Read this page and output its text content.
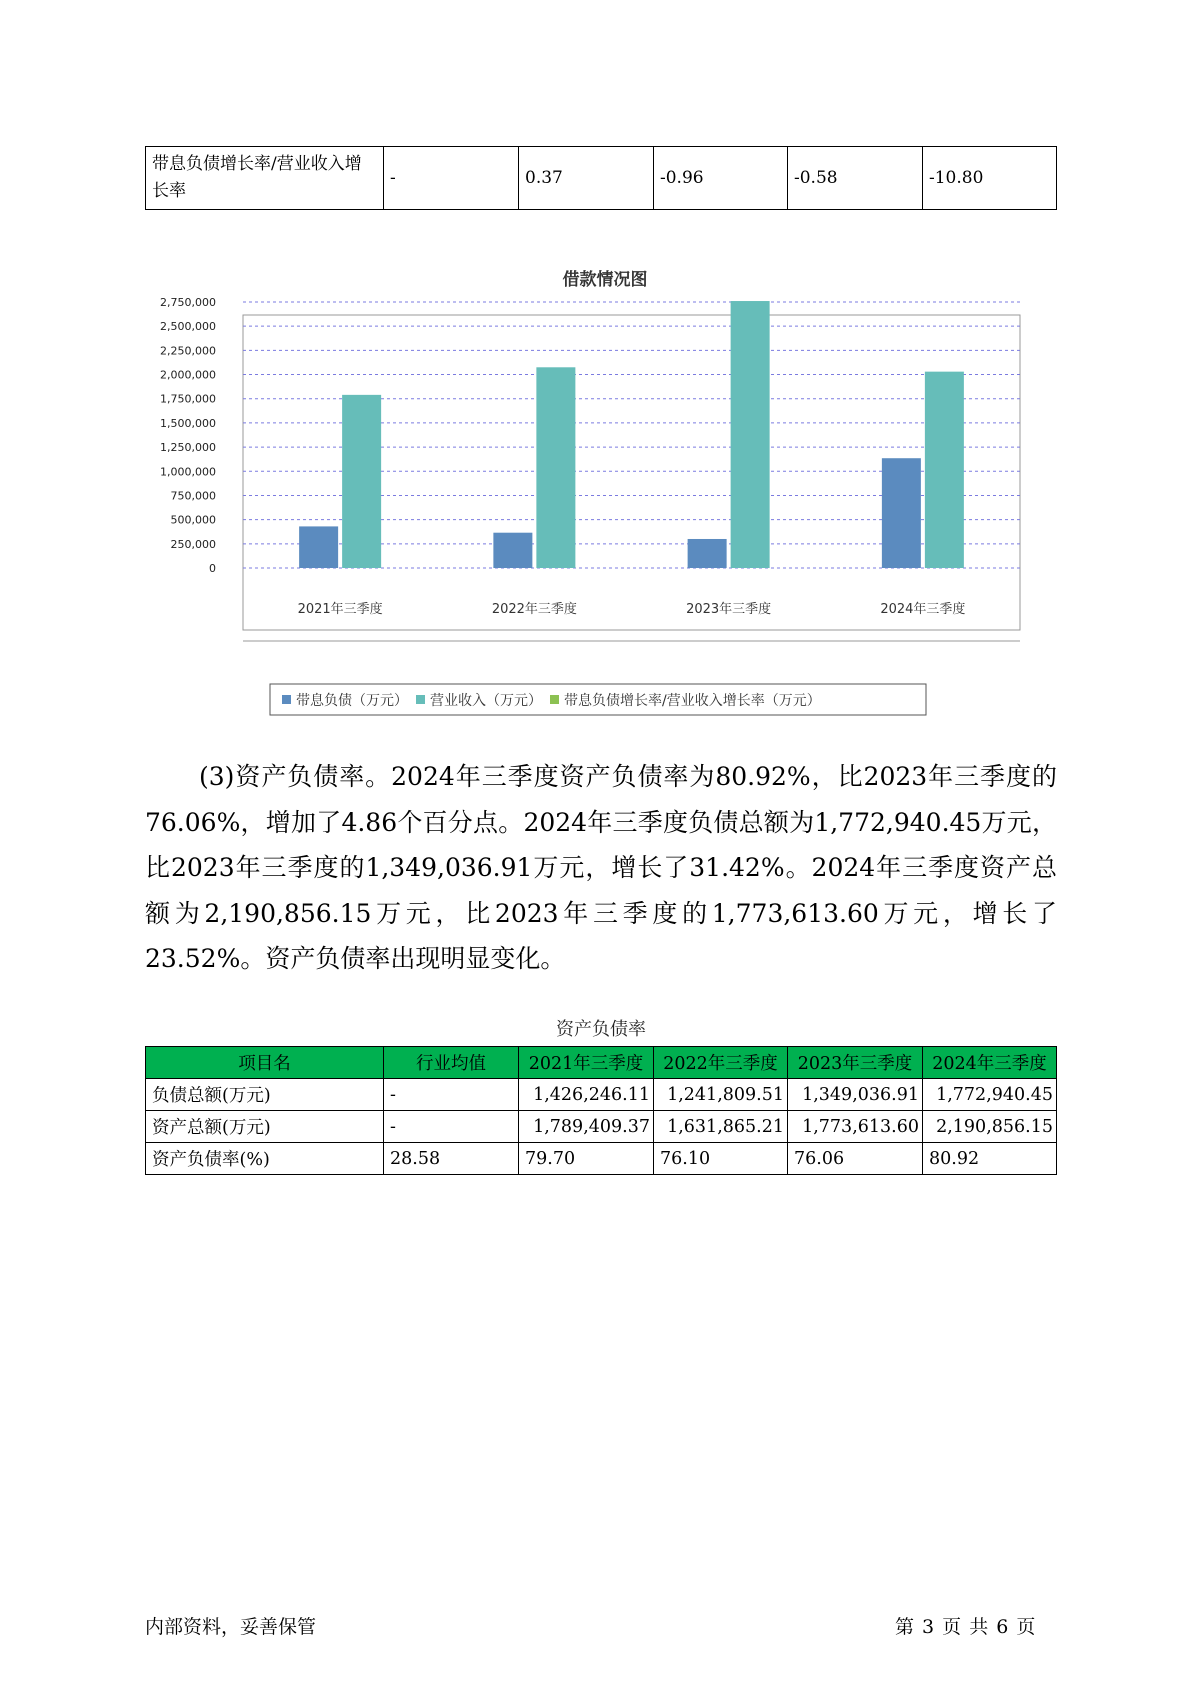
带息负债增长率/营业收入增长率	-	0.37	-0.96	-0.58	-10.80
借款情况图
0
250,000
500,000
750,000
1,000,000
1,250,000
1,500,000
1,750,000
2,000,000
2,250,000
2,500,000
2,750,000
2021年三季度	2022年三季度	2023年三季度	2024年三季度
带息负债（万元） 营业收入（万元） 带息负债增长率/营业收入增长率（万元）

(3)资产负债率。2024年三季度资产负债率为80.92%，比2023年三季度的76.06%，增加了4.86个百分点。2024年三季度负债总额为1,772,940.45万元，比2023年三季度的1,349,036.91万元，增长了31.42%。2024年三季度资产总额为2,190,856.15万元，比2023年三季度的1,773,613.60万元，增长了23.52%。资产负债率出现明显变化。

资产负债率
项目名	行业均值	2021年三季度	2022年三季度	2023年三季度	2024年三季度
负债总额(万元)	-	1,426,246.11	1,241,809.51	1,349,036.91	1,772,940.45
资产总额(万元)	-	1,789,409.37	1,631,865.21	1,773,613.60	2,190,856.15
资产负债率(%)	28.58	79.70	76.10	76.06	80.92
内部资料，妥善保管	第 3 页 共 6 页
